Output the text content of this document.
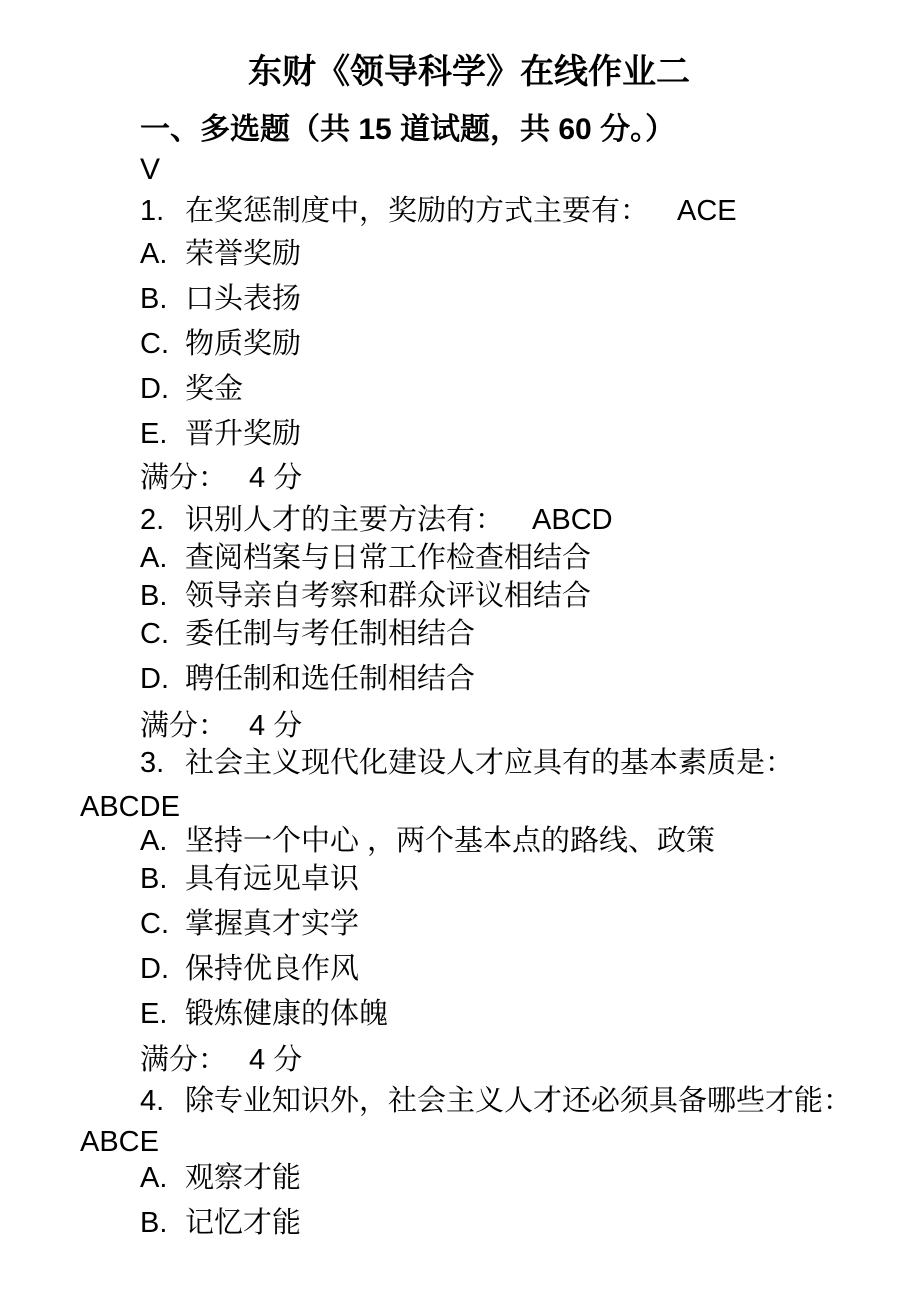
东财《领导科学》在线作业二
一、多选题（共 15 道试题，共 60 分。）
V
1. 在奖惩制度中，奖励的方式主要有： ACE
A. 荣誉奖励
B. 口头表扬
C. 物质奖励
D. 奖金
E. 晋升奖励
满分： 4 分
2. 识别人才的主要方法有： ABCD
A. 查阅档案与日常工作检查相结合
B. 领导亲自考察和群众评议相结合
C. 委任制与考任制相结合
D. 聘任制和选任制相结合
满分： 4 分
3. 社会主义现代化建设人才应具有的基本素质是：
ABCDE
A. 坚持一个中心 ，两个基本点的路线、政策
B. 具有远见卓识
C. 掌握真才实学
D. 保持优良作风
E. 锻炼健康的体魄
满分： 4 分
4. 除专业知识外，社会主义人才还必须具备哪些才能：
ABCE
A. 观察才能
B. 记忆才能
